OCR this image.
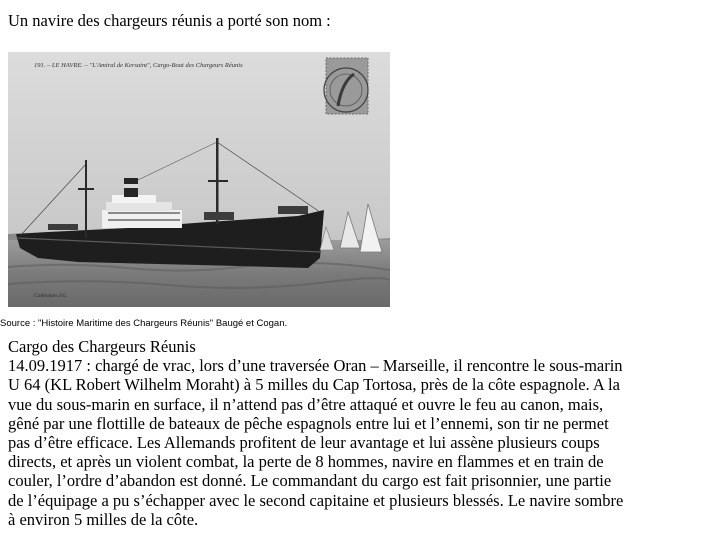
Un navire des chargeurs réunis a porté son nom :
191. – LE HAVRE. – "L'Amiral de Kersaint", Cargo-Boat des Chargeurs Réunis
Collection J.G.
Source : "Histoire Maritime des Chargeurs Réunis" Baugé et Cogan.

Cargo des Chargeurs Réunis

14.09.1917 : chargé de vrac, lors d’une traversée Oran – Marseille, il rencontre le sous-marin

U 64 (KL Robert Wilhelm Moraht) à 5 milles du Cap Tortosa, près de la côte espagnole. A la

vue du sous-marin en surface, il n’attend pas d’être attaqué et ouvre le feu au canon, mais,

gêné par une flottille de bateaux de pêche espagnols entre lui et l’ennemi, son tir ne permet

pas d’être efficace. Les Allemands profitent de leur avantage et lui assène plusieurs coups

directs, et après un violent combat, la perte de 8 hommes, navire en flammes et en train de

couler, l’ordre d’abandon est donné. Le commandant du cargo est fait prisonnier, une partie

de l’équipage a pu s’échapper avec le second capitaine et plusieurs blessés. Le navire sombre

à environ 5 milles de la côte.
